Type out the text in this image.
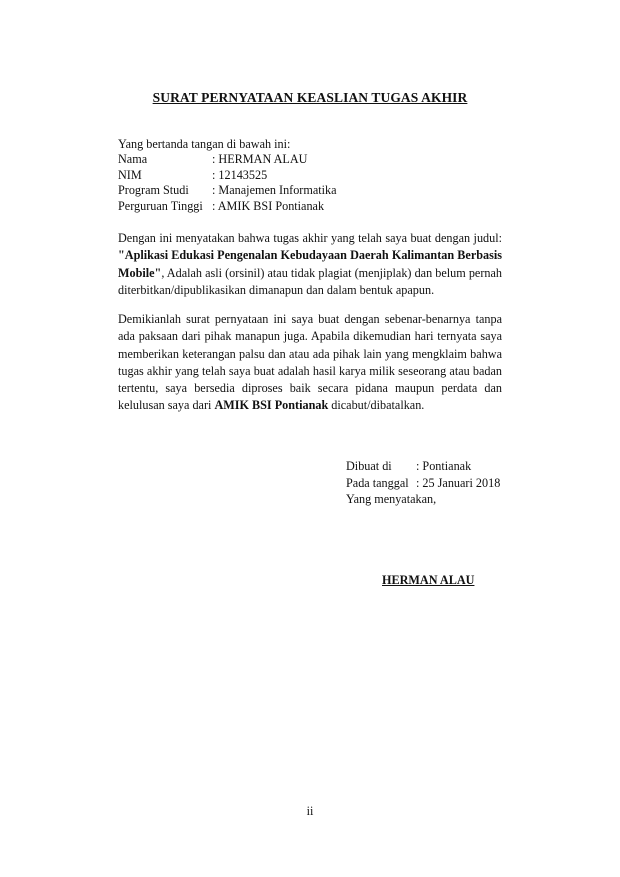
SURAT PERNYATAAN KEASLIAN TUGAS AKHIR
Yang bertanda tangan di bawah ini:
Nama	: HERMAN ALAU
NIM	: 12143525
Program Studi	: Manajemen Informatika
Perguruan Tinggi : AMIK BSI Pontianak
Dengan ini menyatakan bahwa tugas akhir yang telah saya buat dengan judul: "Aplikasi Edukasi Pengenalan Kebudayaan Daerah Kalimantan Berbasis Mobile", Adalah asli (orsinil) atau tidak plagiat (menjiplak) dan belum pernah diterbitkan/dipublikasikan dimanapun dan dalam bentuk apapun.
Demikianlah surat pernyataan ini saya buat dengan sebenar-benarnya tanpa ada paksaan dari pihak manapun juga. Apabila dikemudian hari ternyata saya memberikan keterangan palsu dan atau ada pihak lain yang mengklaim bahwa tugas akhir yang telah saya buat adalah hasil karya milik seseorang atau badan tertentu, saya bersedia diproses baik secara pidana maupun perdata dan kelulusan saya dari AMIK BSI Pontianak dicabut/dibatalkan.
Dibuat di	: Pontianak
Pada tanggal : 25 Januari 2018
Yang menyatakan,
HERMAN ALAU
ii
